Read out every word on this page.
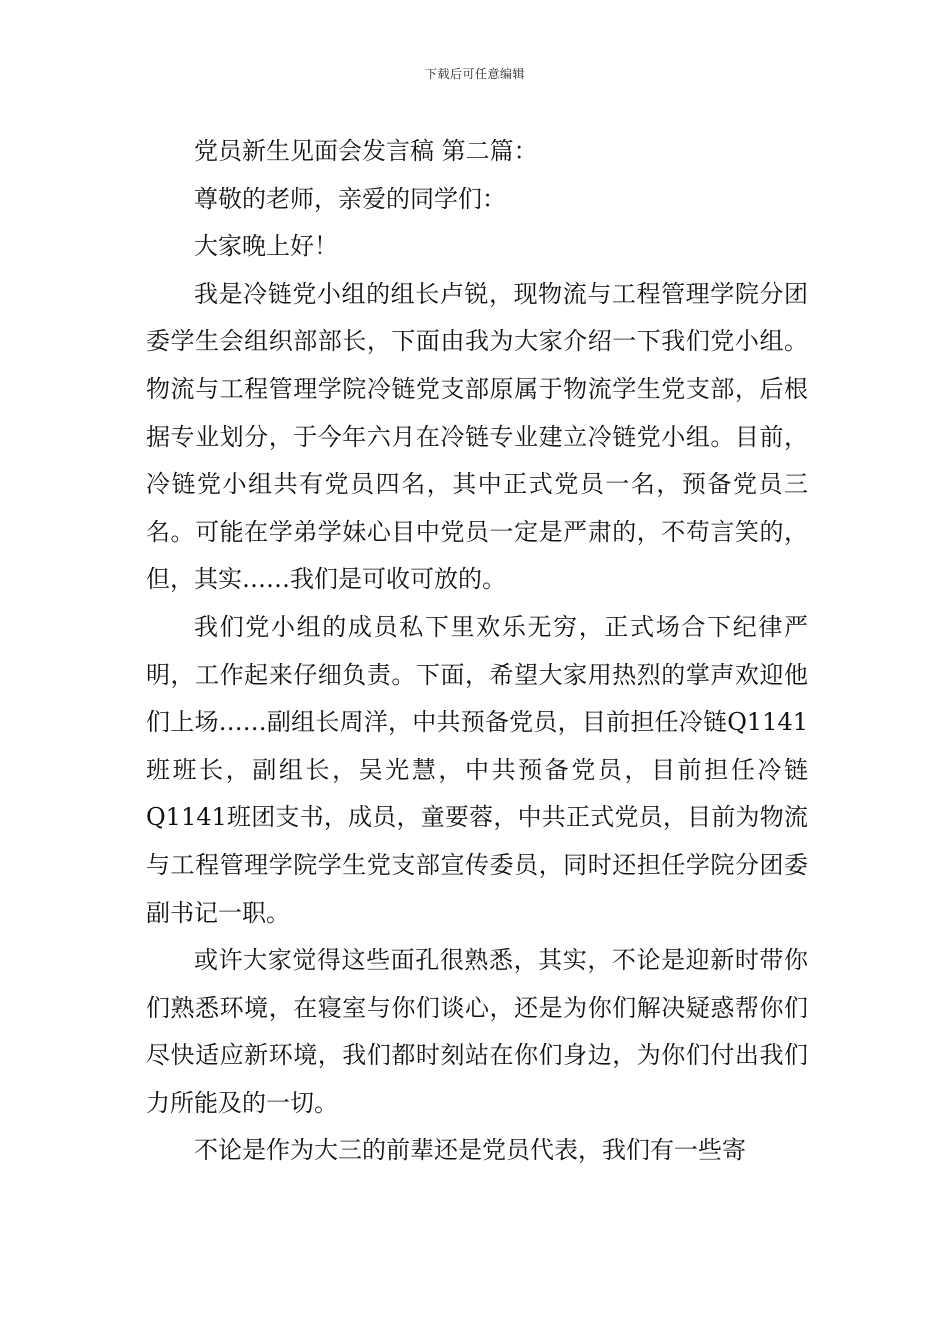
下载后可任意编辑

党员新生见面会发言稿 第二篇：

尊敬的老师，亲爱的同学们：

大家晚上好！

我是冷链党小组的组长卢锐，现物流与工程管理学院分团委学生会组织部部长，下面由我为大家介绍一下我们党小组。物流与工程管理学院冷链党支部原属于物流学生党支部，后根据专业划分，于今年六月在冷链专业建立冷链党小组。目前，冷链党小组共有党员四名，其中正式党员一名，预备党员三名。可能在学弟学妹心目中党员一定是严肃的，不苟言笑的，但，其实……我们是可收可放的。

我们党小组的成员私下里欢乐无穷，正式场合下纪律严明，工作起来仔细负责。下面，希望大家用热烈的掌声欢迎他们上场……副组长周洋，中共预备党员，目前担任冷链Q1141班班长，副组长，吴光慧，中共预备党员，目前担任冷链Q1141班团支书，成员，童要蓉，中共正式党员，目前为物流与工程管理学院学生党支部宣传委员，同时还担任学院分团委副书记一职。

或许大家觉得这些面孔很熟悉，其实，不论是迎新时带你们熟悉环境，在寝室与你们谈心，还是为你们解决疑惑帮你们尽快适应新环境，我们都时刻站在你们身边，为你们付出我们力所能及的一切。

不论是作为大三的前辈还是党员代表，我们有一些寄
